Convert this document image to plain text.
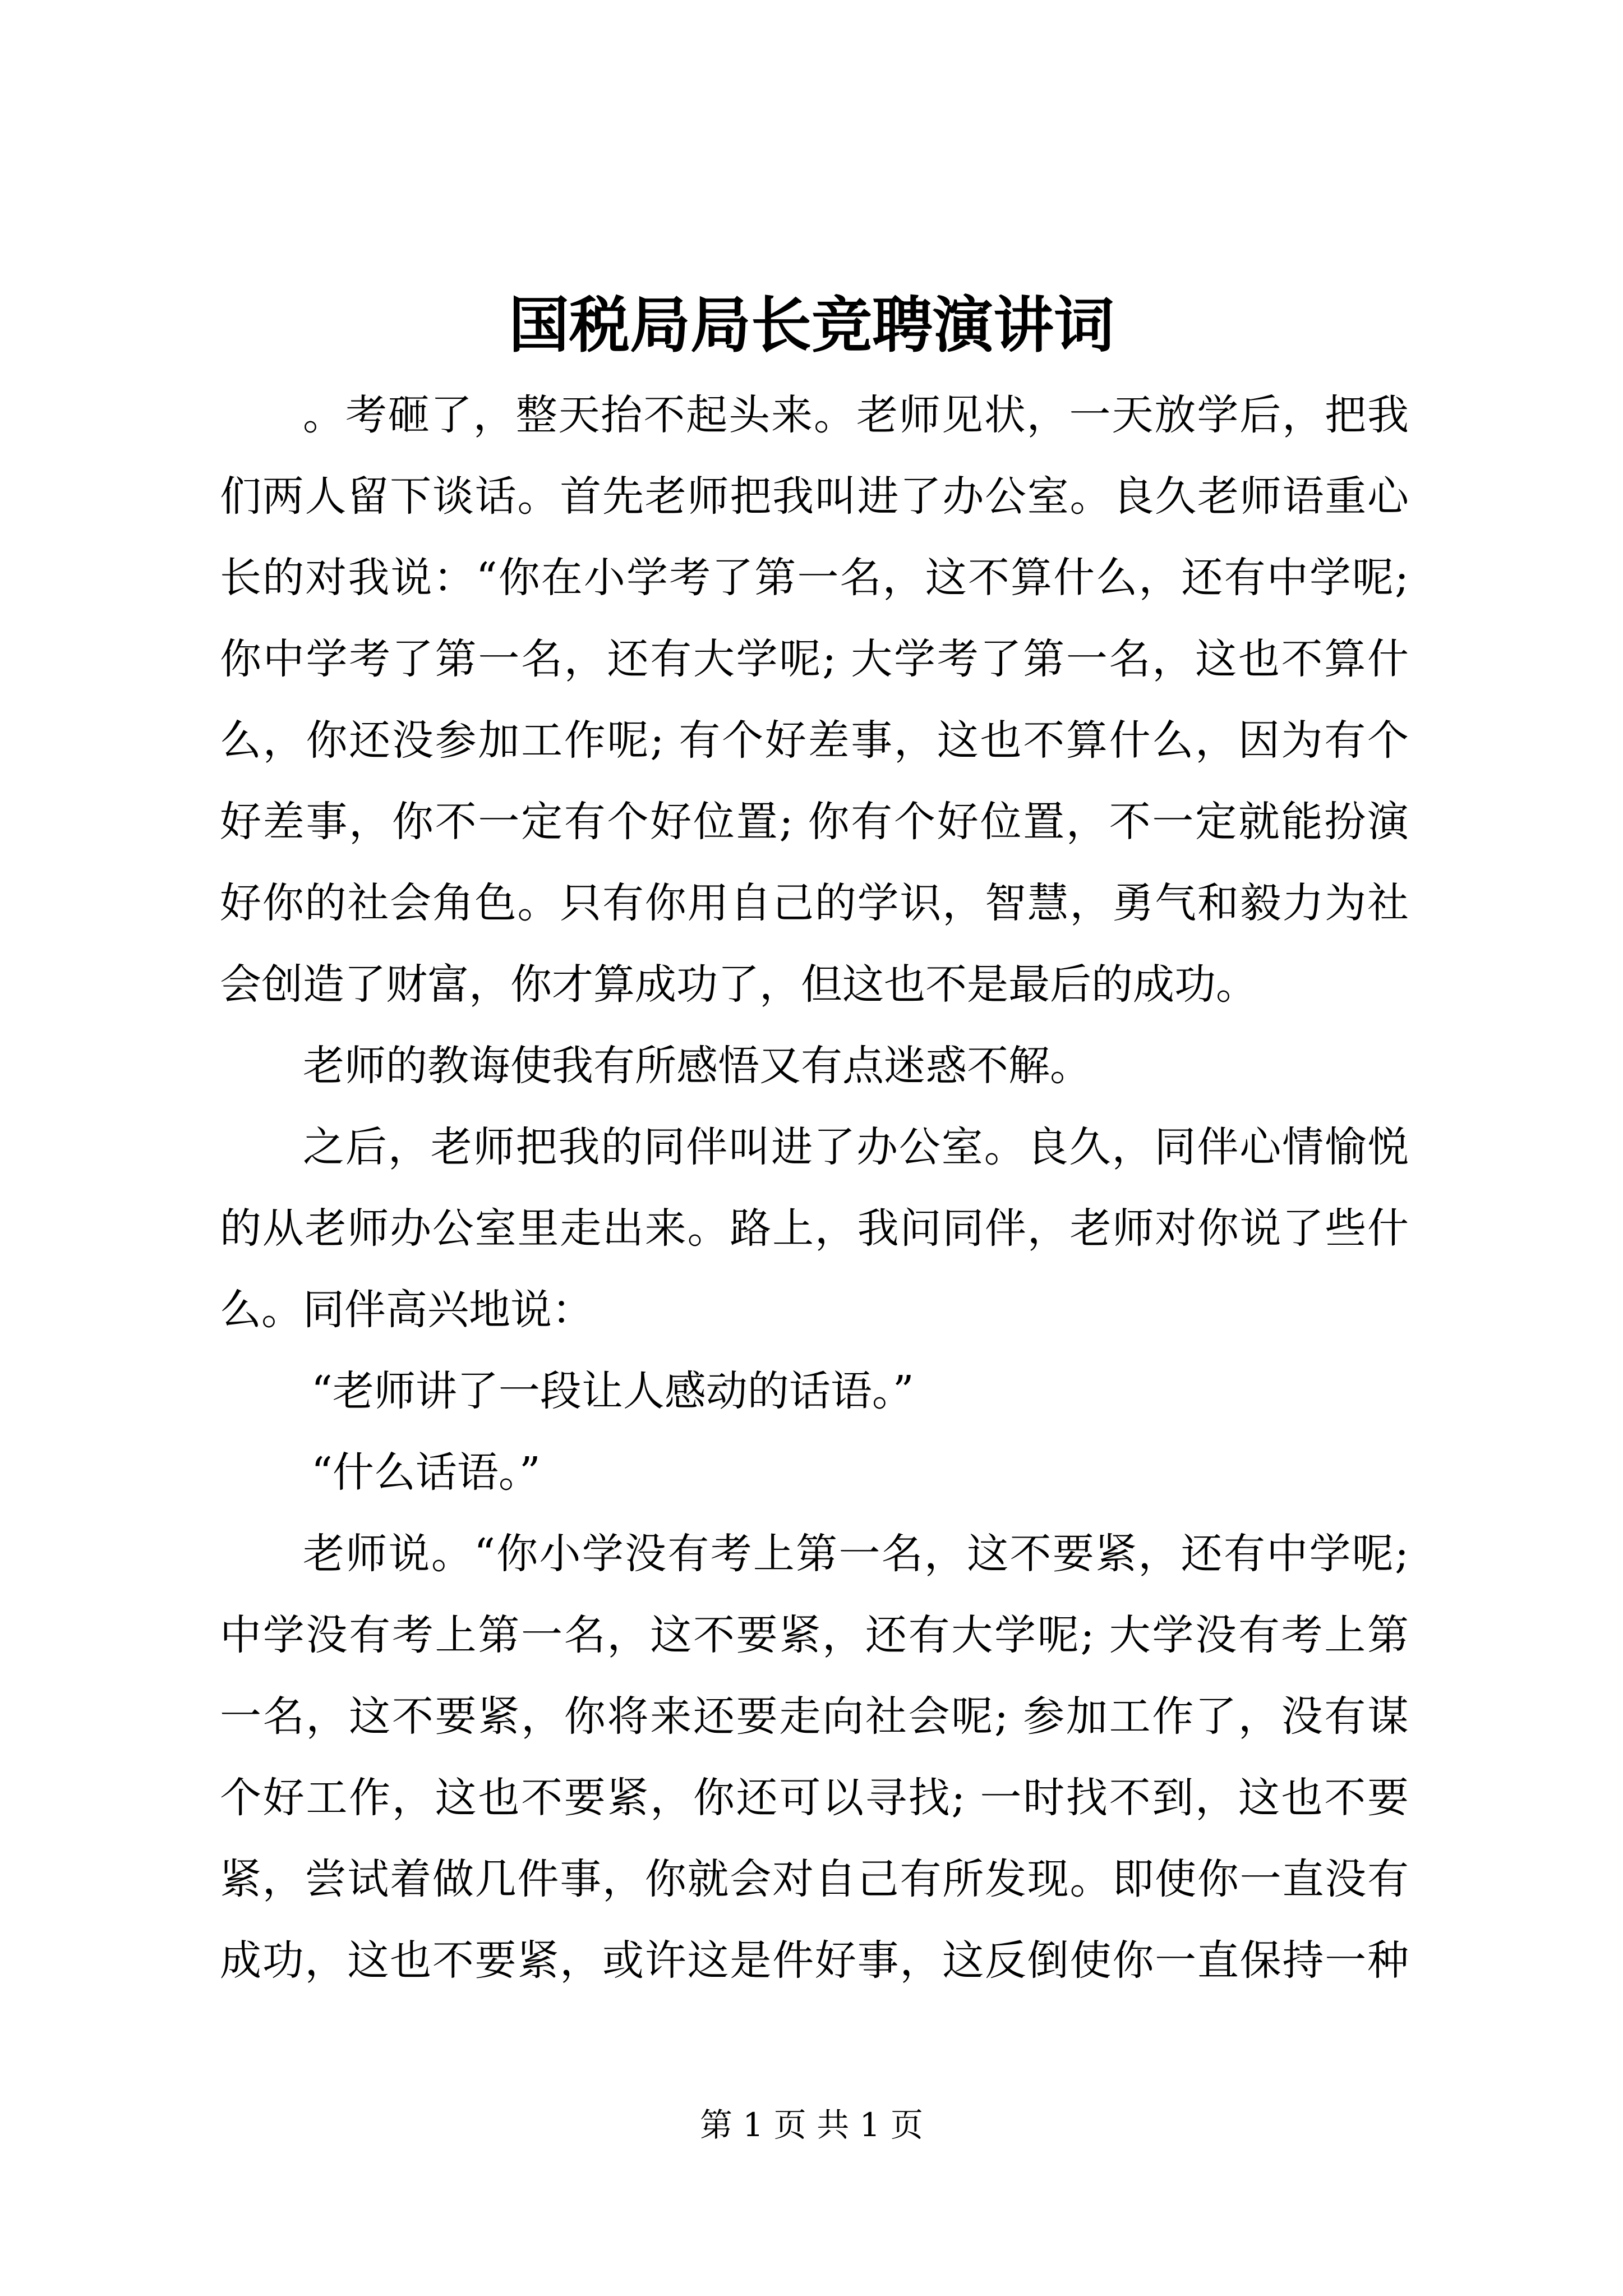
国税局局长竞聘演讲词
。考砸了，整天抬不起头来。老师见状，一天放学后，把我
们两人留下谈话。首先老师把我叫进了办公室。良久老师语重心
长的对我说：“你在小学考了第一名，这不算什么，还有中学呢;
你中学考了第一名，还有大学呢; 大学考了第一名，这也不算什
么，你还没参加工作呢; 有个好差事，这也不算什么，因为有个
好差事，你不一定有个好位置; 你有个好位置，不一定就能扮演
好你的社会角色。只有你用自己的学识，智慧，勇气和毅力为社
会创造了财富，你才算成功了，但这也不是最后的成功。
老师的教诲使我有所感悟又有点迷惑不解。
之后，老师把我的同伴叫进了办公室。良久，同伴心情愉悦
的从老师办公室里走出来。路上，我问同伴，老师对你说了些什
么。同伴高兴地说：
“老师讲了一段让人感动的话语。”
“什么话语。”
老师说。“你小学没有考上第一名，这不要紧，还有中学呢;
中学没有考上第一名，这不要紧，还有大学呢; 大学没有考上第
一名，这不要紧，你将来还要走向社会呢; 参加工作了，没有谋
个好工作，这也不要紧，你还可以寻找; 一时找不到，这也不要
紧，尝试着做几件事，你就会对自己有所发现。即使你一直没有
成功，这也不要紧，或许这是件好事，这反倒使你一直保持一种
第 1 页 共 1 页
